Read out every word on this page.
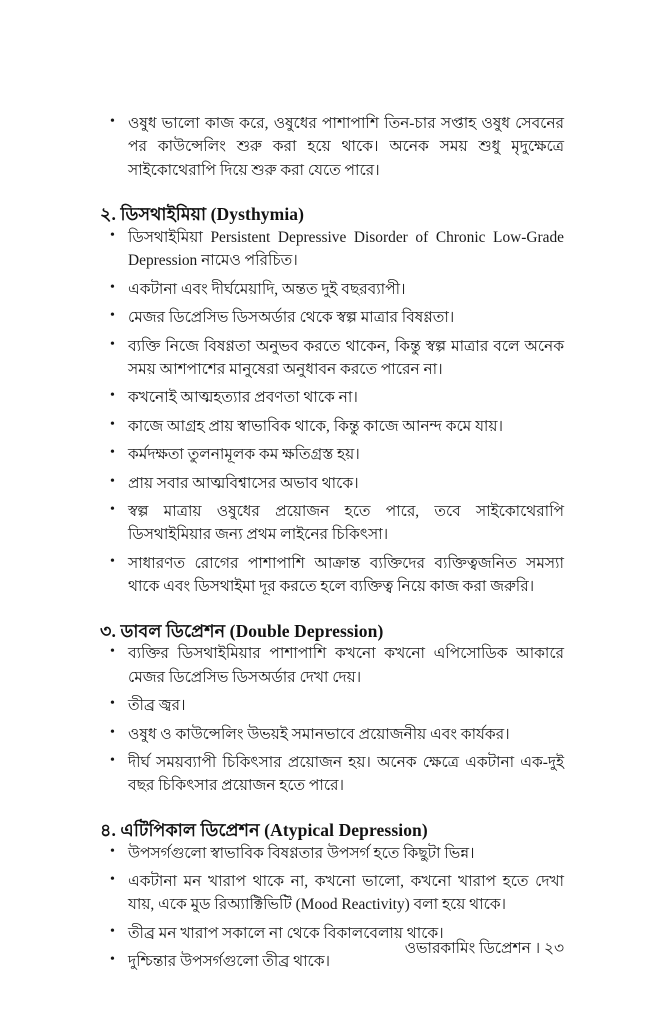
• ওষুধ ভালো কাজ করে, ওষুধের পাশাপাশি তিন-চার সপ্তাহ ওষুধ সেবনের পর কাউন্সেলিং শুরু করা হয়ে থাকে। অনেক সময় শুধু মৃদুক্ষেত্রে সাইকোথেরাপি দিয়ে শুরু করা যেতে পারে।
২. ডিসথাইমিয়া (Dysthymia)
• ডিসথাইমিয়া Persistent Depressive Disorder of Chronic Low-Grade Depression নামেও পরিচিত।
• একটানা এবং দীর্ঘমেয়াদি, অন্তত দুই বছরব্যাপী।
• মেজর ডিপ্রেসিভ ডিসঅর্ডার থেকে স্বল্প মাত্রার বিষণ্ণতা।
• ব্যক্তি নিজে বিষণ্ণতা অনুভব করতে থাকেন, কিন্তু স্বল্প মাত্রার বলে অনেক সময় আশপাশের মানুষেরা অনুধাবন করতে পারেন না।
• কখনোই আত্মহত্যার প্রবণতা থাকে না।
• কাজে আগ্রহ প্রায় স্বাভাবিক থাকে, কিন্তু কাজে আনন্দ কমে যায়।
• কর্মদক্ষতা তুলনামূলক কম ক্ষতিগ্রস্ত হয়।
• প্রায় সবার আত্মবিশ্বাসের অভাব থাকে।
• স্বল্প মাত্রায় ওষুধের প্রয়োজন হতে পারে, তবে সাইকোথেরাপি ডিসথাইমিয়ার জন্য প্রথম লাইনের চিকিৎসা।
• সাধারণত রোগের পাশাপাশি আক্রান্ত ব্যক্তিদের ব্যক্তিত্বজনিত সমস্যা থাকে এবং ডিসথাইমা দূর করতে হলে ব্যক্তিত্ব নিয়ে কাজ করা জরুরি।
৩. ডাবল ডিপ্রেশন (Double Depression)
• ব্যক্তির ডিসথাইমিয়ার পাশাপাশি কখনো কখনো এপিসোডিক আকারে মেজর ডিপ্রেসিভ ডিসঅর্ডার দেখা দেয়।
• তীব্র জ্বর।
• ওষুধ ও কাউন্সেলিং উভয়ই সমানভাবে প্রয়োজনীয় এবং কার্যকর।
• দীর্ঘ সময়ব্যাপী চিকিৎসার প্রয়োজন হয়। অনেক ক্ষেত্রে একটানা এক-দুই বছর চিকিৎসার প্রয়োজন হতে পারে।
৪. এটিপিকাল ডিপ্রেশন (Atypical Depression)
• উপসর্গগুলো স্বাভাবিক বিষণ্ণতার উপসর্গ হতে কিছুটা ভিন্ন।
• একটানা মন খারাপ থাকে না, কখনো ভালো, কখনো খারাপ হতে দেখা যায়, একে মুড রিঅ্যাক্টিভিটি (Mood Reactivity) বলা হয়ে থাকে।
• তীব্র মন খারাপ সকালে না থেকে বিকালবেলায় থাকে।
• দুশ্চিন্তার উপসর্গগুলো তীব্র থাকে।
ওভারকামিং ডিপ্রেশন । ২৩
